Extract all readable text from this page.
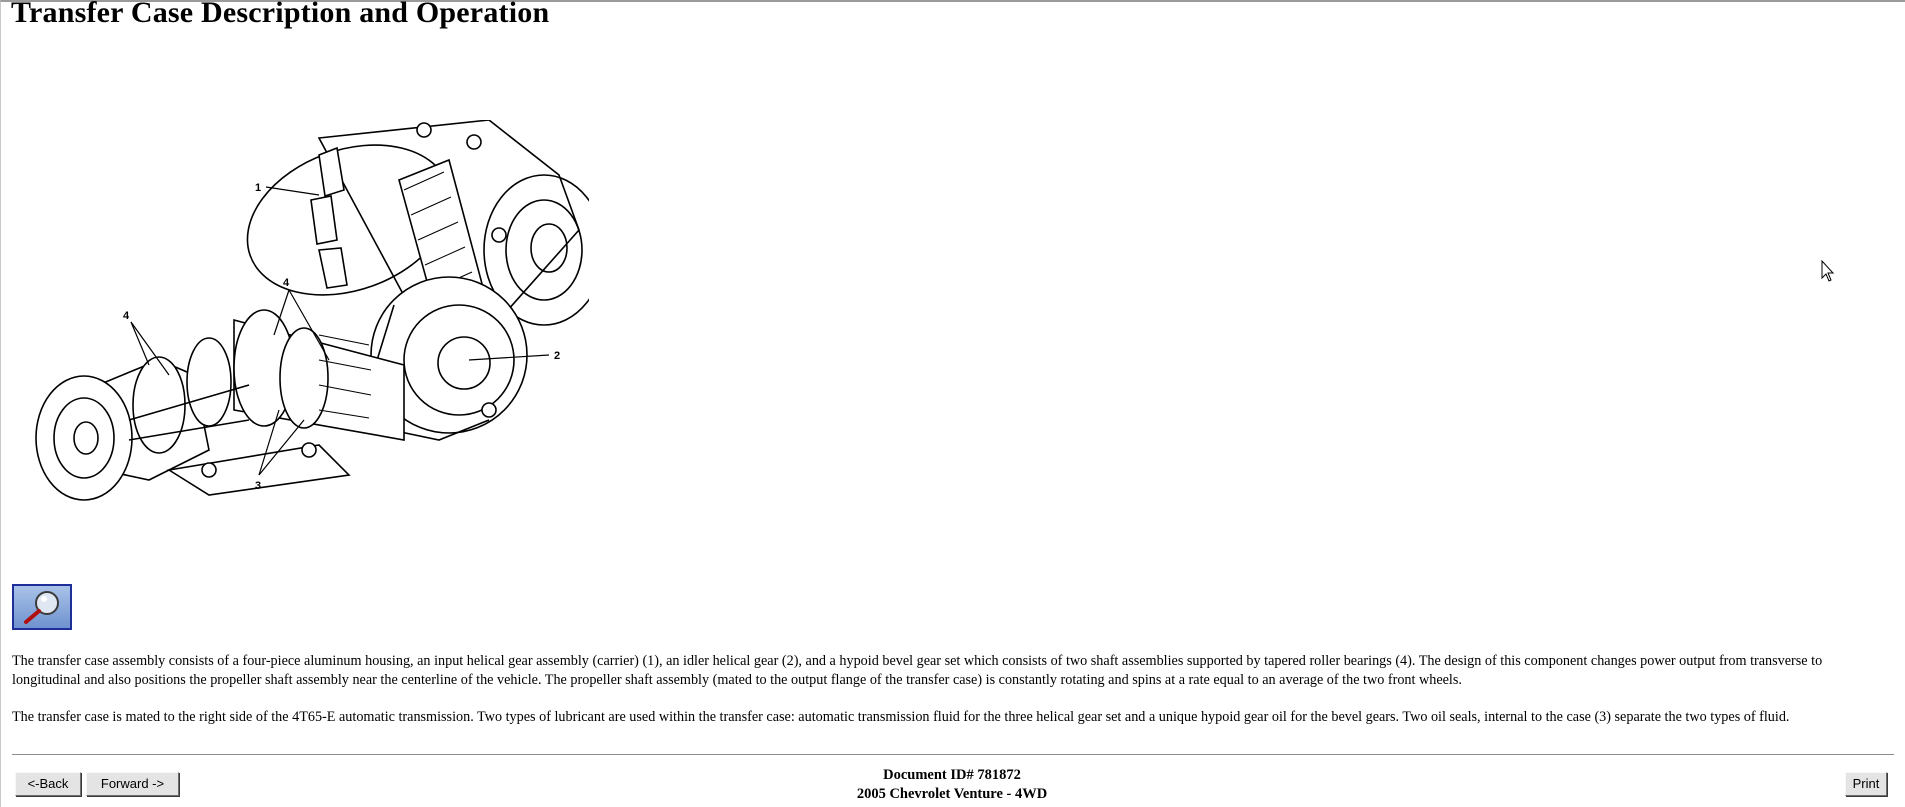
Transfer Case Description and Operation
1
4
4
2
3

The transfer case assembly consists of a four-piece aluminum housing, an input helical gear assembly (carrier) (1), an idler helical gear (2), and a hypoid bevel gear set which consists of two shaft assemblies supported by tapered roller bearings (4). The design of this component changes power output from transverse to longitudinal and also positions the propeller shaft assembly near the centerline of the vehicle. The propeller shaft assembly (mated to the output flange of the transfer case) is constantly rotating and spins at a rate equal to an average of the two front wheels.

The transfer case is mated to the right side of the 4T65-E automatic transmission. Two types of lubricant are used within the transfer case: automatic transmission fluid for the three helical gear set and a unique hypoid gear oil for the bevel gears. Two oil seals, internal to the case (3) separate the two types of fluid.

<-Back	Forward ->
Document ID# 781872
2005 Chevrolet Venture - 4WD
Print
